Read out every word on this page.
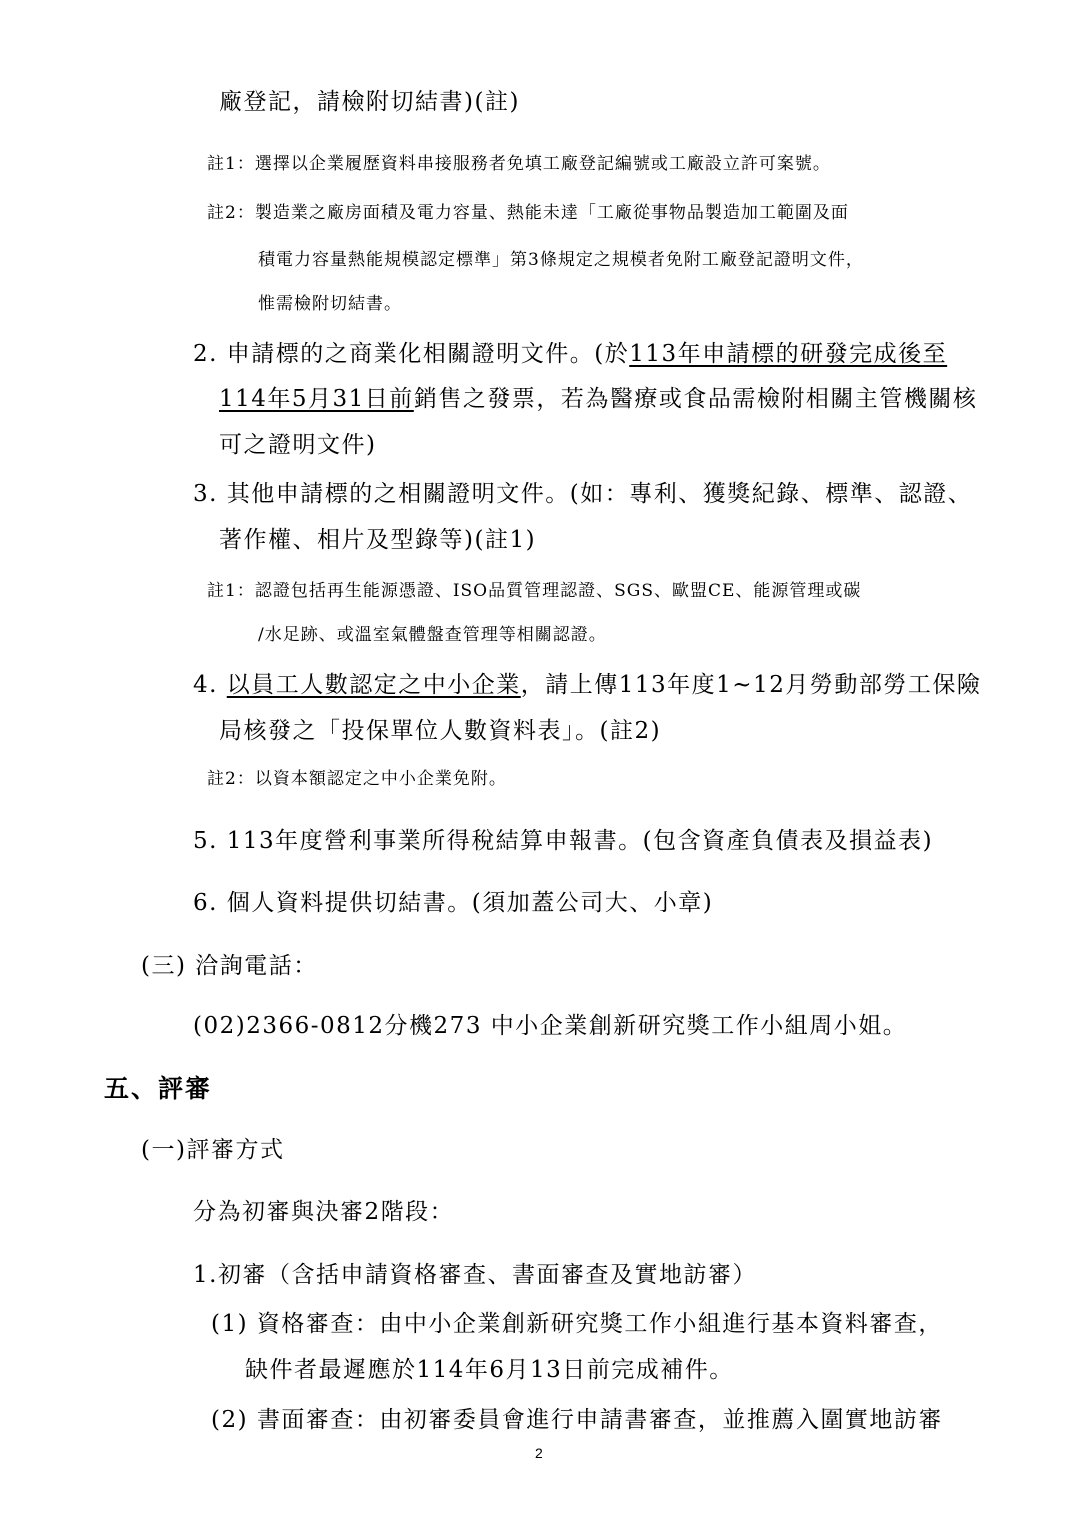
廠登記，請檢附切結書)(註)
註1：選擇以企業履歷資料串接服務者免填工廠登記編號或工廠設立許可案號。
註2：製造業之廠房面積及電力容量、熱能未達「工廠從事物品製造加工範圍及面
積電力容量熱能規模認定標準」第3條規定之規模者免附工廠登記證明文件，
惟需檢附切結書。
2. 申請標的之商業化相關證明文件。(於113年申請標的研發完成後至
114年5月31日前銷售之發票，若為醫療或食品需檢附相關主管機關核
可之證明文件)
3. 其他申請標的之相關證明文件。(如：專利、獲獎紀錄、標準、認證、
著作權、相片及型錄等)(註1)
註1：認證包括再生能源憑證、ISO品質管理認證、SGS、歐盟CE、能源管理或碳
/水足跡、或溫室氣體盤查管理等相關認證。
4. 以員工人數認定之中小企業，請上傳113年度1~12月勞動部勞工保險
局核發之「投保單位人數資料表」。(註2)
註2：以資本額認定之中小企業免附。
5. 113年度營利事業所得稅結算申報書。(包含資產負債表及損益表)
6. 個人資料提供切結書。(須加蓋公司大、小章)
(三) 洽詢電話：
(02)2366-0812分機273 中小企業創新研究獎工作小組周小姐。
五、評審
(一)評審方式
分為初審與決審2階段：
1.初審（含括申請資格審查、書面審查及實地訪審）
(1) 資格審查：由中小企業創新研究獎工作小組進行基本資料審查，
缺件者最遲應於114年6月13日前完成補件。
(2) 書面審查：由初審委員會進行申請書審查，並推薦入圍實地訪審
2
